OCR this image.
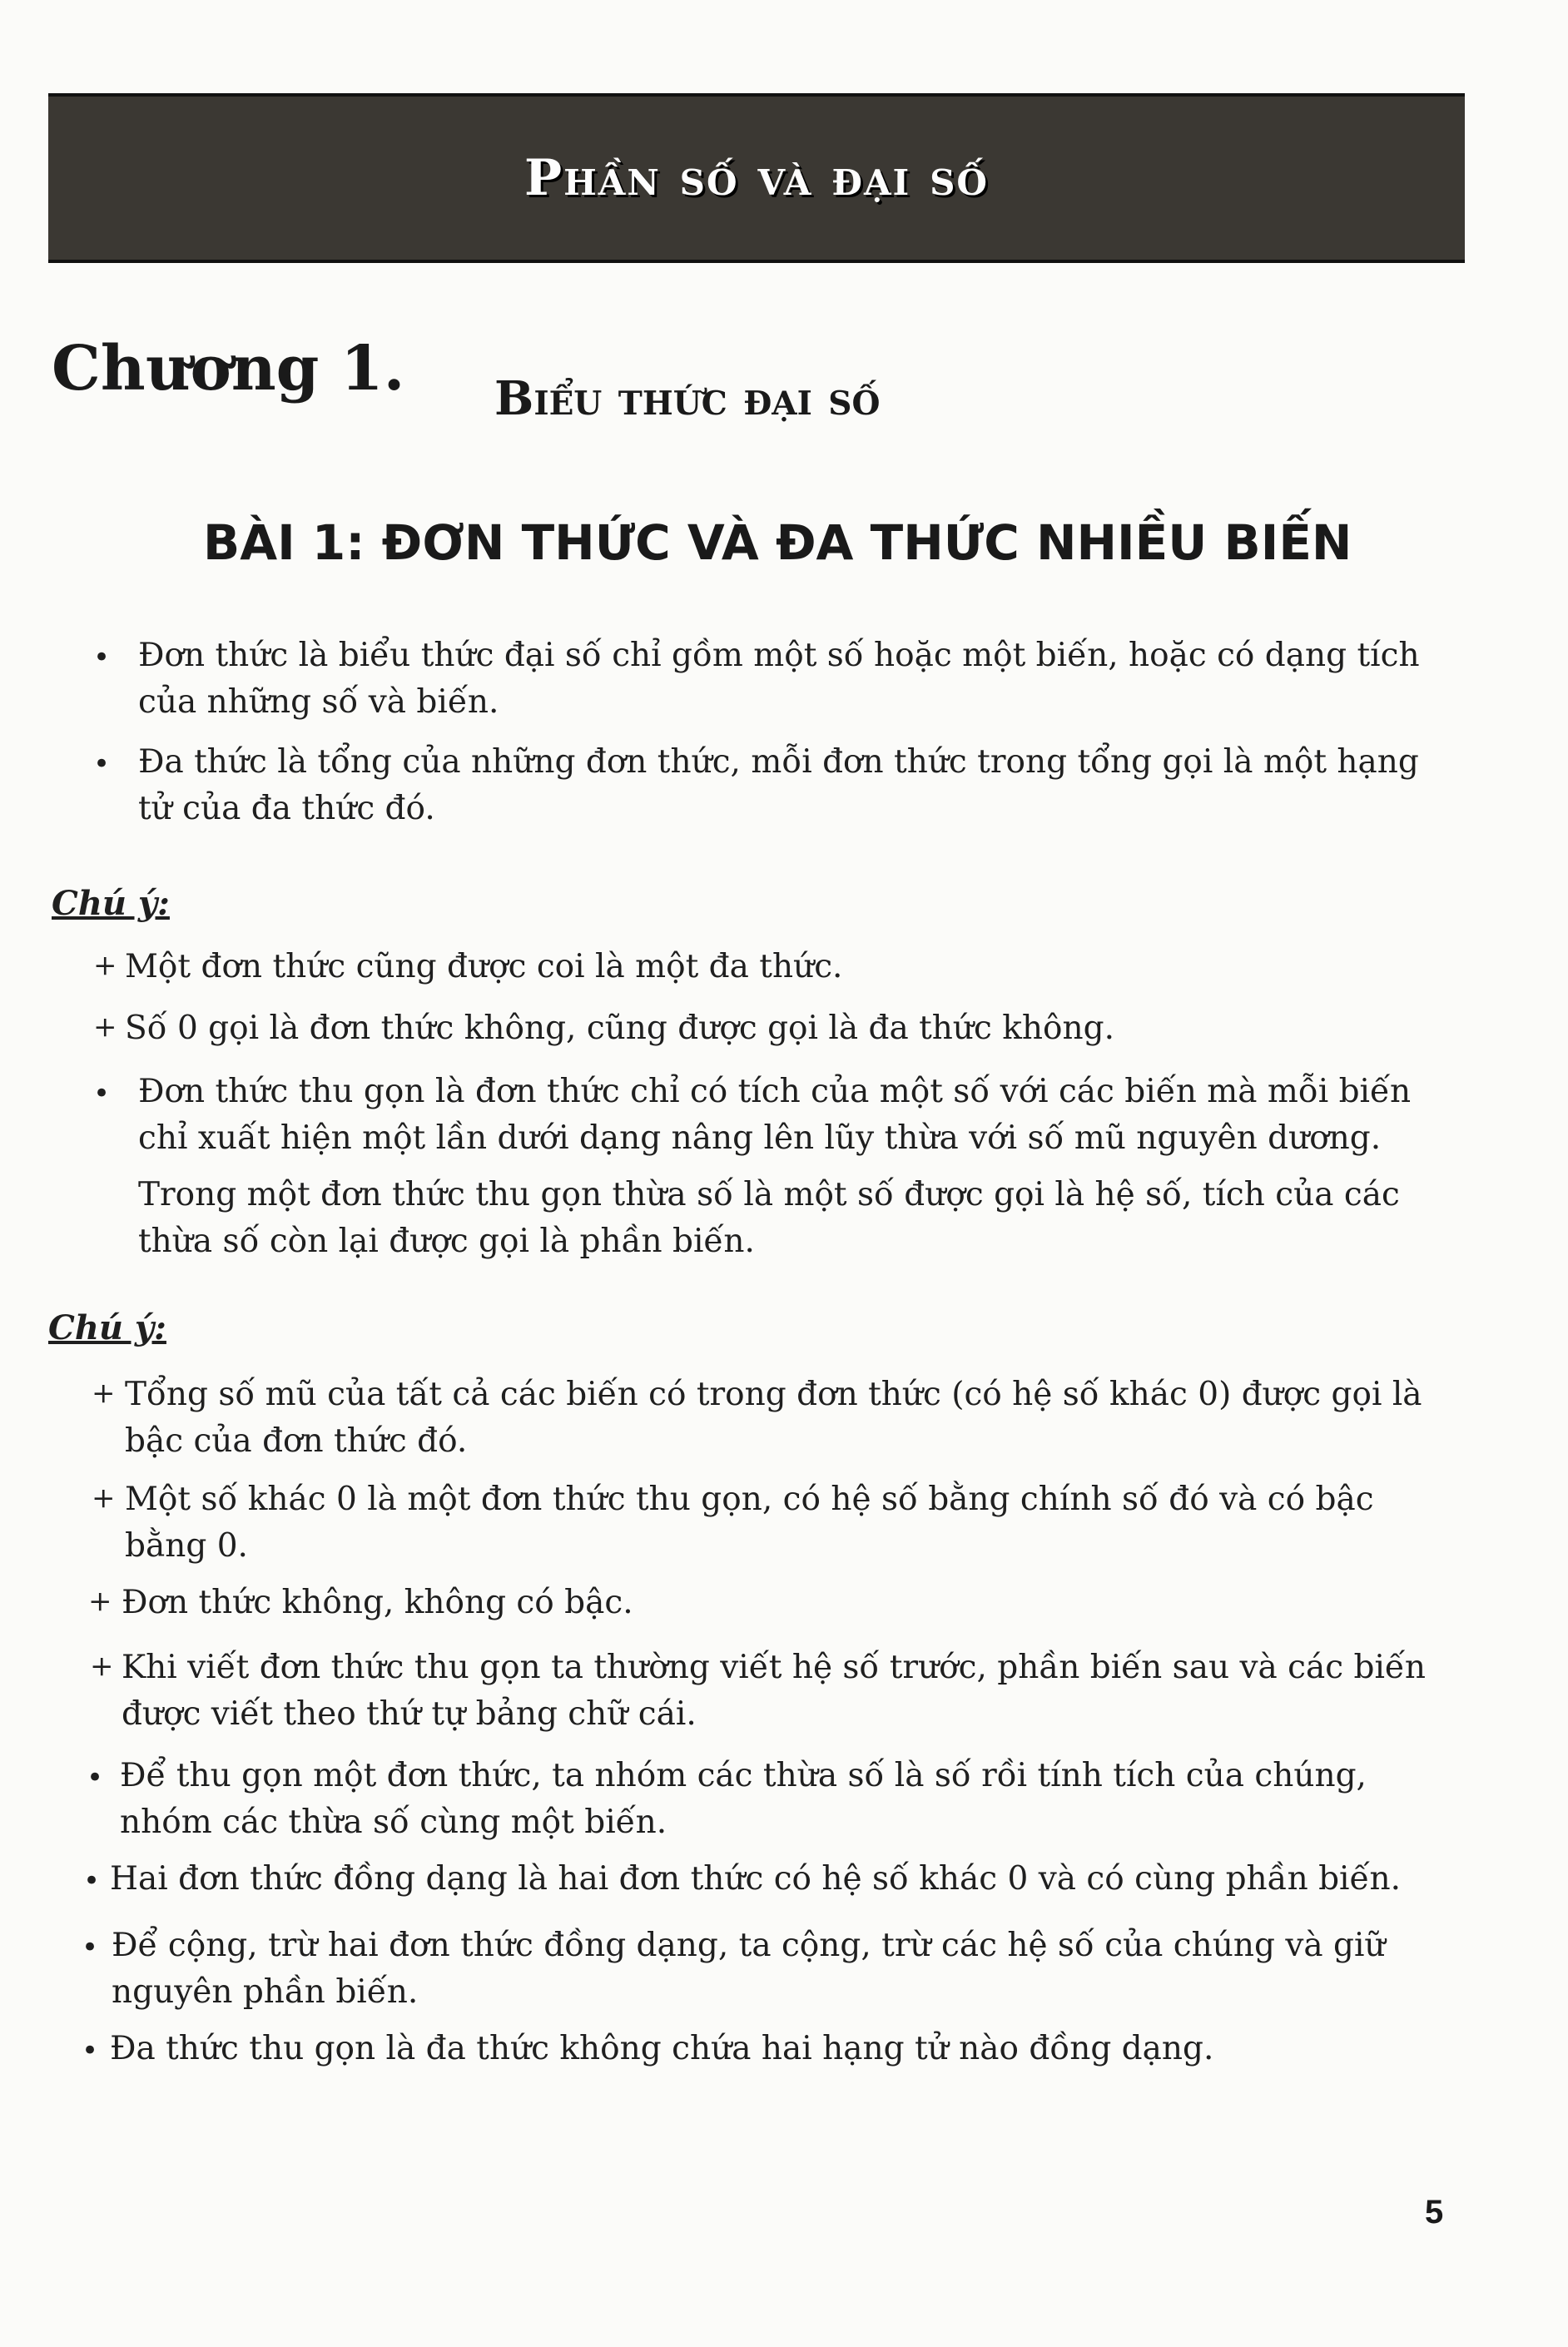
Phần số và đại số
Chương 1. Biểu thức đại số
BÀI 1: ĐƠN THỨC VÀ ĐA THỨC NHIỀU BIẾN
• Đơn thức là biểu thức đại số chỉ gồm một số hoặc một biến, hoặc có dạng tích của những số và biến.
• Đa thức là tổng của những đơn thức, mỗi đơn thức trong tổng gọi là một hạng tử của đa thức đó.
Chú ý:
+ Một đơn thức cũng được coi là một đa thức.
+ Số 0 gọi là đơn thức không, cũng được gọi là đa thức không.
• Đơn thức thu gọn là đơn thức chỉ có tích của một số với các biến mà mỗi biến chỉ xuất hiện một lần dưới dạng nâng lên lũy thừa với số mũ nguyên dương.
Trong một đơn thức thu gọn thừa số là một số được gọi là hệ số, tích của các thừa số còn lại được gọi là phần biến.
Chú ý:
+ Tổng số mũ của tất cả các biến có trong đơn thức (có hệ số khác 0) được gọi là bậc của đơn thức đó.
+ Một số khác 0 là một đơn thức thu gọn, có hệ số bằng chính số đó và có bậc bằng 0.
+ Đơn thức không, không có bậc.
+ Khi viết đơn thức thu gọn ta thường viết hệ số trước, phần biến sau và các biến được viết theo thứ tự bảng chữ cái.
• Để thu gọn một đơn thức, ta nhóm các thừa số là số rồi tính tích của chúng, nhóm các thừa số cùng một biến.
• Hai đơn thức đồng dạng là hai đơn thức có hệ số khác 0 và có cùng phần biến.
• Để cộng, trừ hai đơn thức đồng dạng, ta cộng, trừ các hệ số của chúng và giữ nguyên phần biến.
• Đa thức thu gọn là đa thức không chứa hai hạng tử nào đồng dạng.
5
